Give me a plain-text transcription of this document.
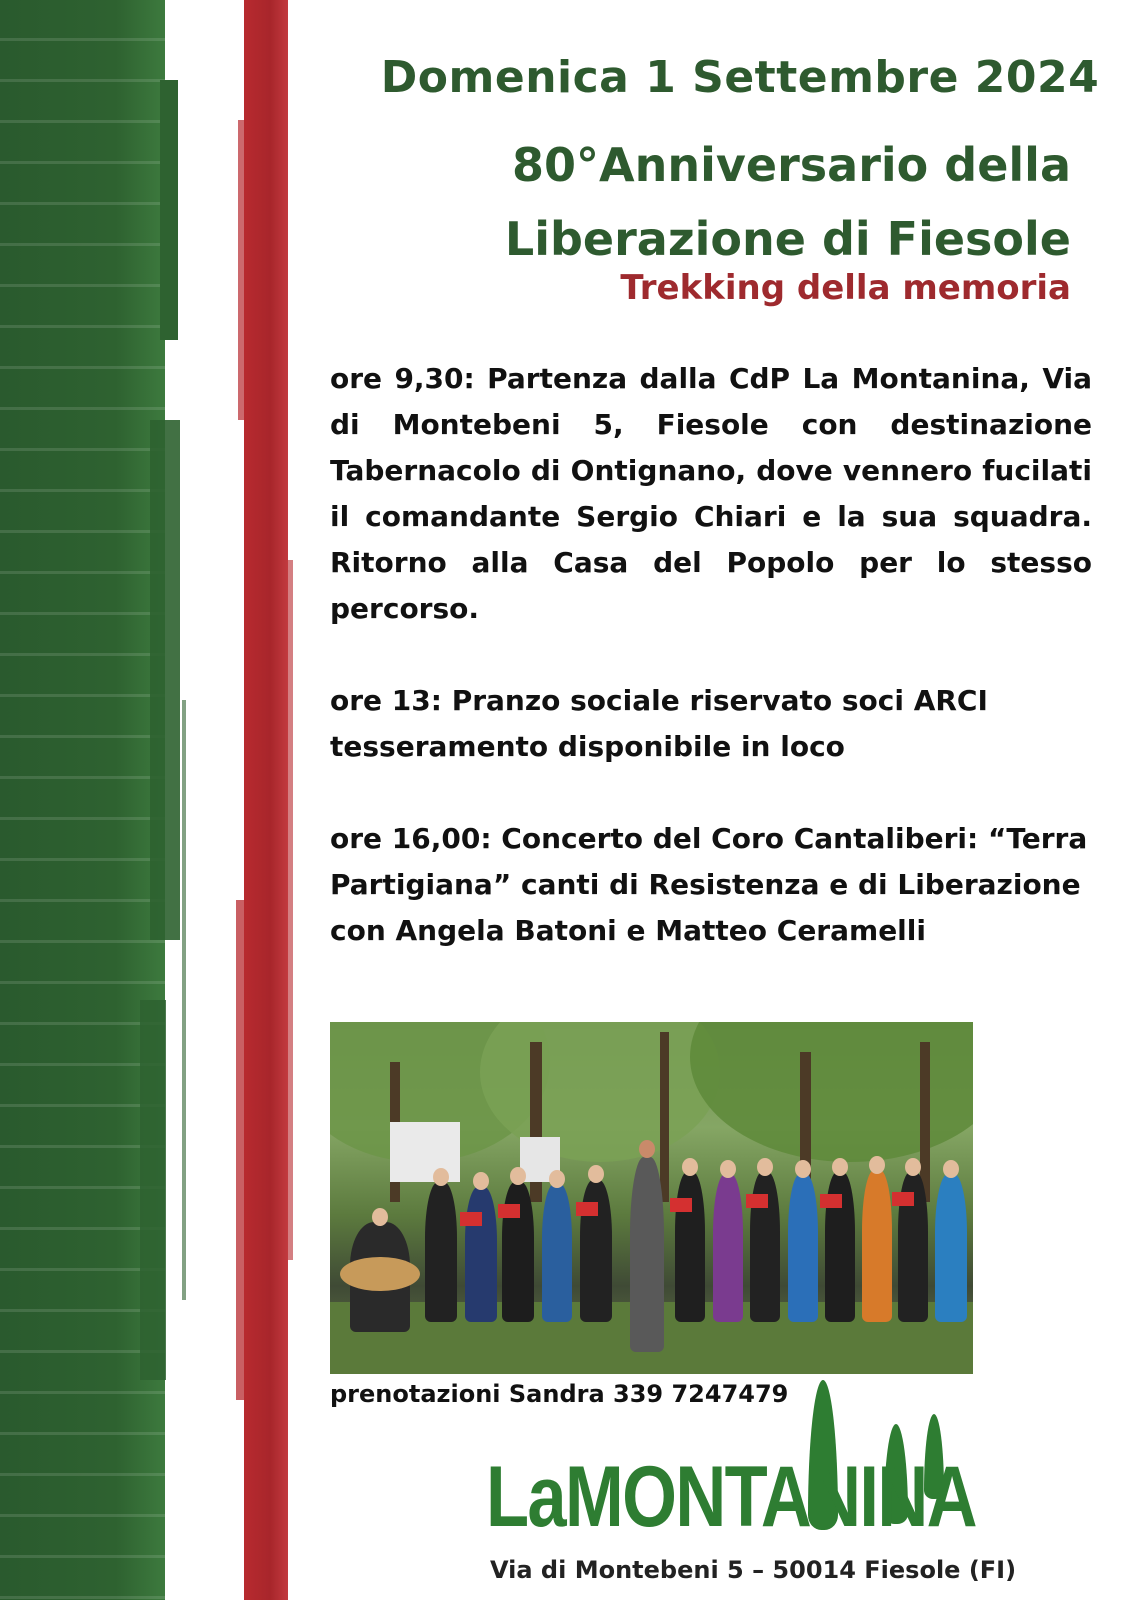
Domenica 1 Settembre 2024
80°Anniversario della
Liberazione di Fiesole
Trekking della memoria
ore 9,30: Partenza dalla CdP La Montanina, Via di Montebeni 5, Fiesole con destinazione Tabernacolo di Ontignano, dove vennero fucilati il comandante Sergio Chiari e la sua squadra. Ritorno alla Casa del Popolo per lo stesso percorso.
ore 13: Pranzo sociale riservato soci ARCI tesseramento disponibile in loco
ore 16,00: Concerto del Coro Cantaliberi: “Terra Partigiana” canti di Resistenza e di Liberazione con Angela Batoni e Matteo Ceramelli
prenotazioni Sandra 339 7247479
LaMONTANINA
Via di Montebeni 5 – 50014 Fiesole (FI)
